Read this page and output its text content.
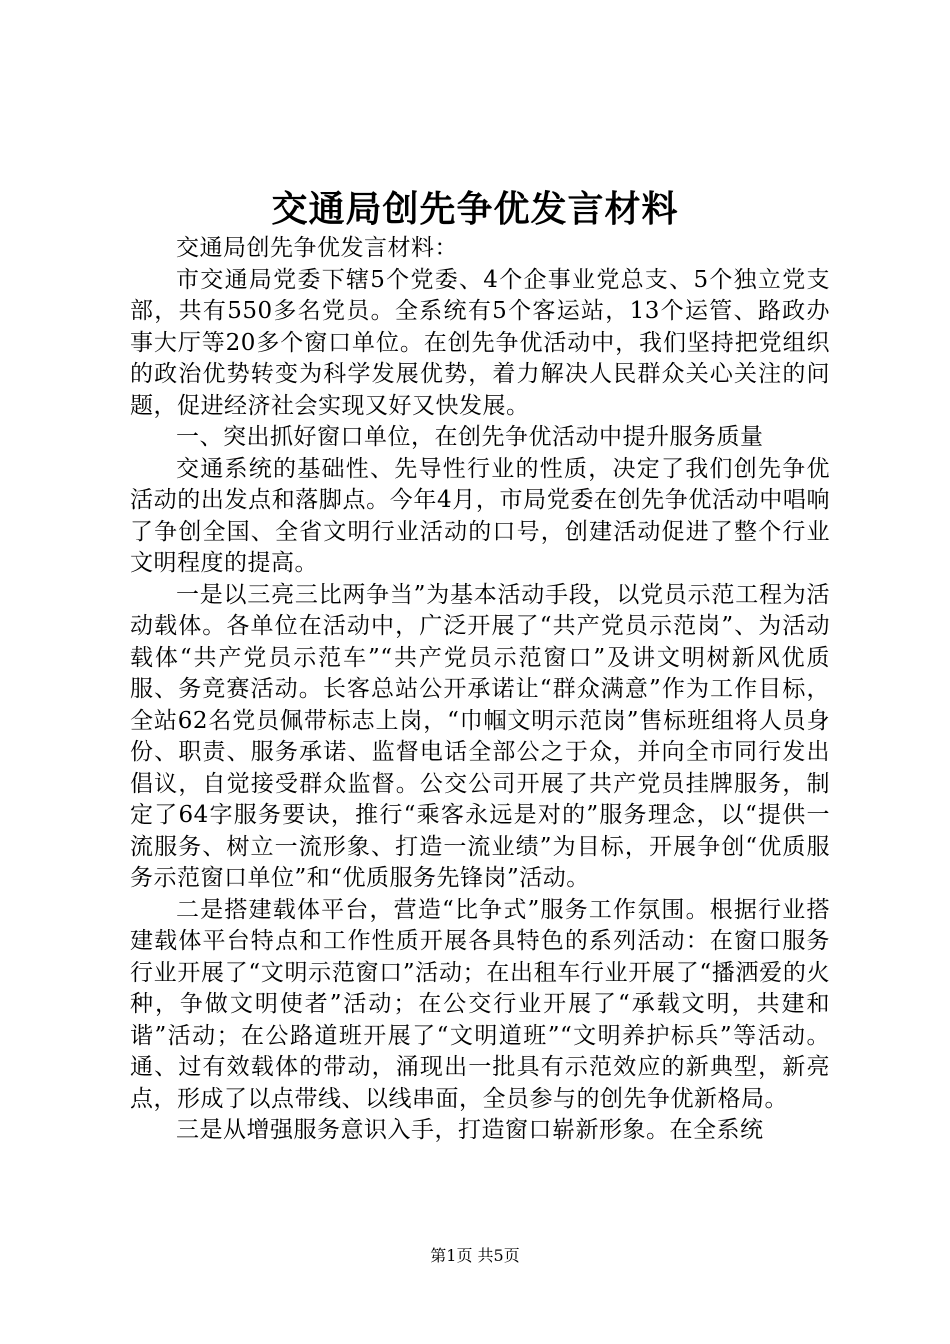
交通局创先争优发言材料

交通局创先争优发言材料：

市交通局党委下辖5个党委、4个企事业党总支、5个独立党支部，共有550多名党员。全系统有5个客运站，13个运管、路政办事大厅等20多个窗口单位。在创先争优活动中，我们坚持把党组织的政治优势转变为科学发展优势，着力解决人民群众关心关注的问题，促进经济社会实现又好又快发展。

一、突出抓好窗口单位，在创先争优活动中提升服务质量

交通系统的基础性、先导性行业的性质，决定了我们创先争优活动的出发点和落脚点。今年4月，市局党委在创先争优活动中唱响了争创全国、全省文明行业活动的口号，创建活动促进了整个行业文明程度的提高。

一是以三亮三比两争当”为基本活动手段，以党员示范工程为活动载体。各单位在活动中，广泛开展了“共产党员示范岗”、为活动载体“共产党员示范车”“共产党员示范窗口”及讲文明树新风优质服、务竞赛活动。长客总站公开承诺让“群众满意”作为工作目标，全站62名党员佩带标志上岗，“巾帼文明示范岗”售标班组将人员身份、职责、服务承诺、监督电话全部公之于众，并向全市同行发出倡议，自觉接受群众监督。公交公司开展了共产党员挂牌服务，制定了64字服务要诀，推行“乘客永远是对的”服务理念，以“提供一流服务、树立一流形象、打造一流业绩”为目标，开展争创“优质服务示范窗口单位”和“优质服务先锋岗”活动。

二是搭建载体平台，营造“比争式”服务工作氛围。根据行业搭建载体平台特点和工作性质开展各具特色的系列活动：在窗口服务行业开展了“文明示范窗口”活动；在出租车行业开展了“播洒爱的火种，争做文明使者”活动；在公交行业开展了“承载文明，共建和谐”活动；在公路道班开展了“文明道班”“文明养护标兵”等活动。通、过有效载体的带动，涌现出一批具有示范效应的新典型，新亮点，形成了以点带线、以线串面，全员参与的创先争优新格局。

三是从增强服务意识入手，打造窗口崭新形象。在全系统

第1页 共5页
